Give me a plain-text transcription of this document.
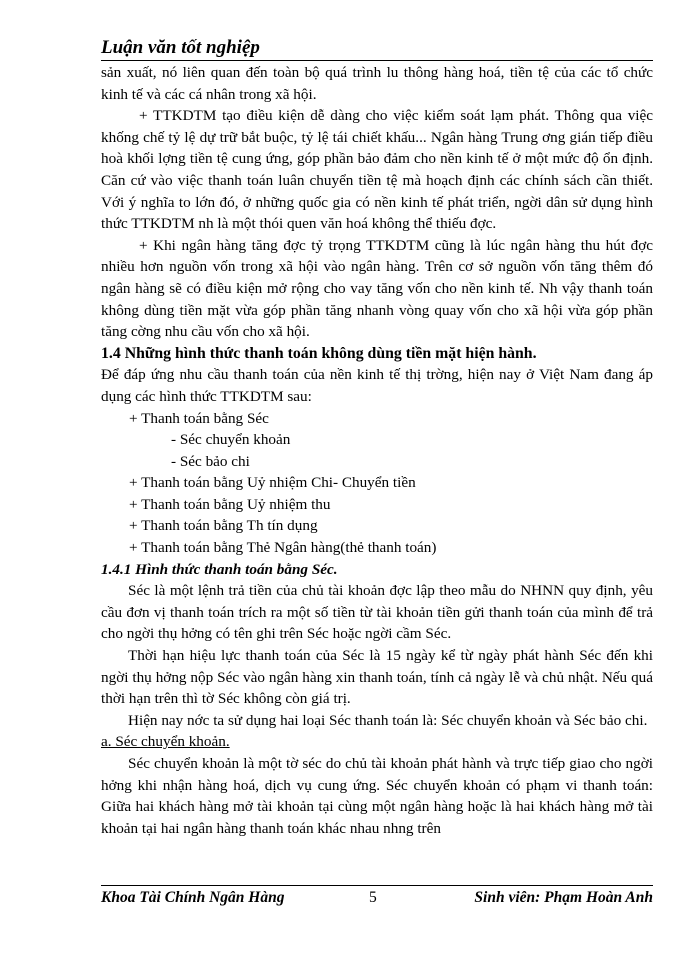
Luận văn tốt nghiệp

sản xuất, nó liên quan đến toàn bộ quá trình lu thông hàng hoá, tiền tệ của các tổ chức kinh tế và các cá nhân trong xã hội.

+ TTKDTM tạo điều kiện dễ dàng cho việc kiểm soát lạm phát. Thông qua việc khống chế tỷ lệ dự trữ bắt buộc, tỷ lệ tái chiết khấu... Ngân hàng Trung ơng gián tiếp điều hoà khối lợng tiền tệ cung ứng, góp phần bảo đảm cho nền kinh tế ở một mức độ ổn định. Căn cứ vào việc thanh toán luân chuyển tiền tệ mà hoạch định các chính sách cần thiết. Với ý nghĩa to lớn đó, ở những quốc gia có nền kinh tế phát triển, ngời dân sử dụng hình thức TTKDTM nh là một thói quen văn hoá không thể thiếu đợc.

+ Khi ngân hàng tăng đợc tỷ trọng TTKDTM cũng là lúc ngân hàng thu hút đợc nhiều hơn nguồn vốn trong xã hội vào ngân hàng. Trên cơ sở nguồn vốn tăng thêm đó ngân hàng sẽ có điều kiện mở rộng cho vay tăng vốn cho nền kinh tế. Nh vậy thanh toán không dùng tiền mặt vừa góp phần tăng nhanh vòng quay vốn cho xã hội vừa góp phần tăng cờng nhu cầu vốn cho xã hội.

1.4 Những hình thức thanh toán không dùng tiền mặt hiện hành.

Để đáp ứng nhu cầu thanh toán của nền kinh tế thị trờng, hiện nay ở Việt Nam đang áp dụng các hình thức TTKDTM sau:

+ Thanh toán bằng Séc

- Séc chuyển khoản

- Séc bảo chi

+ Thanh toán bằng Uỷ nhiệm Chi- Chuyển tiền

+ Thanh toán bằng Uỷ nhiệm thu

+ Thanh toán bằng Th tín dụng

+ Thanh toán bằng Thẻ Ngân hàng(thẻ thanh toán)

1.4.1 Hình thức thanh toán bằng Séc.

Séc là một lệnh trả tiền của chủ tài khoản đợc lập theo mẫu do NHNN quy định, yêu cầu đơn vị thanh toán trích ra một số tiền từ tài khoản tiền gửi thanh toán của mình để trả cho ngời thụ hởng có tên ghi trên Séc hoặc ngời cầm Séc.

Thời hạn hiệu lực thanh toán của Séc là 15 ngày kể từ ngày phát hành Séc đến khi ngời thụ hởng nộp Séc vào ngân hàng xin thanh toán, tính cả ngày lễ và chủ nhật. Nếu quá thời hạn trên thì tờ Séc không còn giá trị.

Hiện nay nớc ta sử dụng hai loại Séc thanh toán là: Séc chuyển khoản và Séc bảo chi.

a. Séc chuyển khoản.

Séc chuyển khoản là một tờ séc do chủ tài khoản phát hành và trực tiếp giao cho ngời hởng khi nhận hàng hoá, dịch vụ cung ứng. Séc chuyển khoản có phạm vi thanh toán: Giữa hai khách hàng mở tài khoản tại cùng một ngân hàng hoặc là hai khách hàng mở tài khoản tại hai ngân hàng thanh toán khác nhau nhng trên

Khoa Tài Chính Ngân Hàng	5	Sinh viên: Phạm Hoàn Anh
